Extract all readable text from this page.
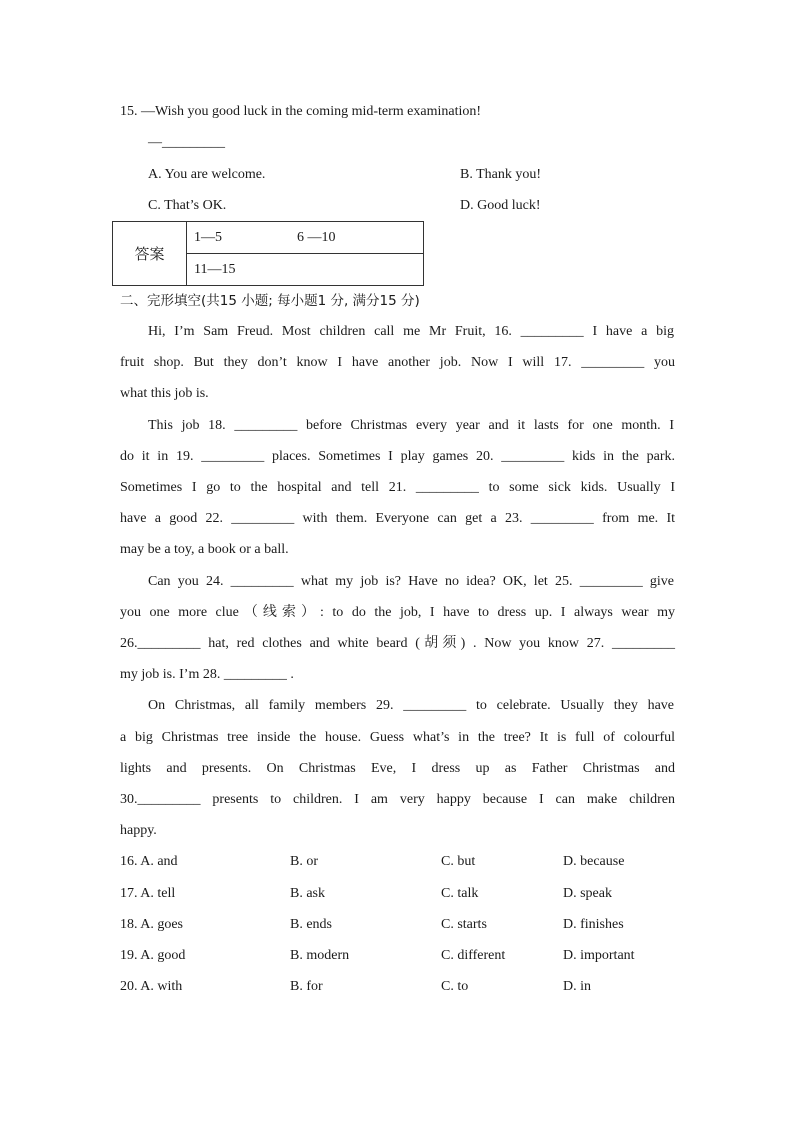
15. —Wish you good luck in the coming mid-term examination!
—_________
A. You are welcome.	B. Thank you!
C. That’s OK.	D. Good luck!
答案	
1—5	6 —10

11—15
二、完形填空(共15 小题; 每小题1 分, 满分15 分)
Hi, I’m Sam Freud. Most children call me Mr Fruit, 16. _________ I have a big
fruit shop. But they don’t know I have another job. Now I will 17. _________ you
what this job is.
This job 18. _________ before Christmas every year and it lasts for one month. I
do it in 19. _________ places. Sometimes I play games 20. _________ kids in the park.
Sometimes I go to the hospital and tell 21. _________ to some sick kids. Usually I
have a good 22. _________ with them. Everyone can get a 23. _________ from me. It
may be a toy, a book or a ball.
Can you 24. _________ what my job is? Have no idea? OK, let 25. _________ give
you one more clue（线索）: to do the job, I have to dress up. I always wear my
26._________ hat, red clothes and white beard (胡须) . Now you know 27. _________
my job is. I’m 28. _________ .
On Christmas, all family members 29. _________ to celebrate. Usually they have
a big Christmas tree inside the house. Guess what’s in the tree? It is full of colourful
lights and presents. On Christmas Eve, I dress up as Father Christmas and
30._________ presents to children. I am very happy because I can make children
happy.
16. A. and	B. or	C. but	D. because
17. A. tell	B. ask	C. talk	D. speak
18. A. goes	B. ends	C. starts	D. finishes
19. A. good	B. modern	C. different	D. important
20. A. with	B. for	C. to	D. in
